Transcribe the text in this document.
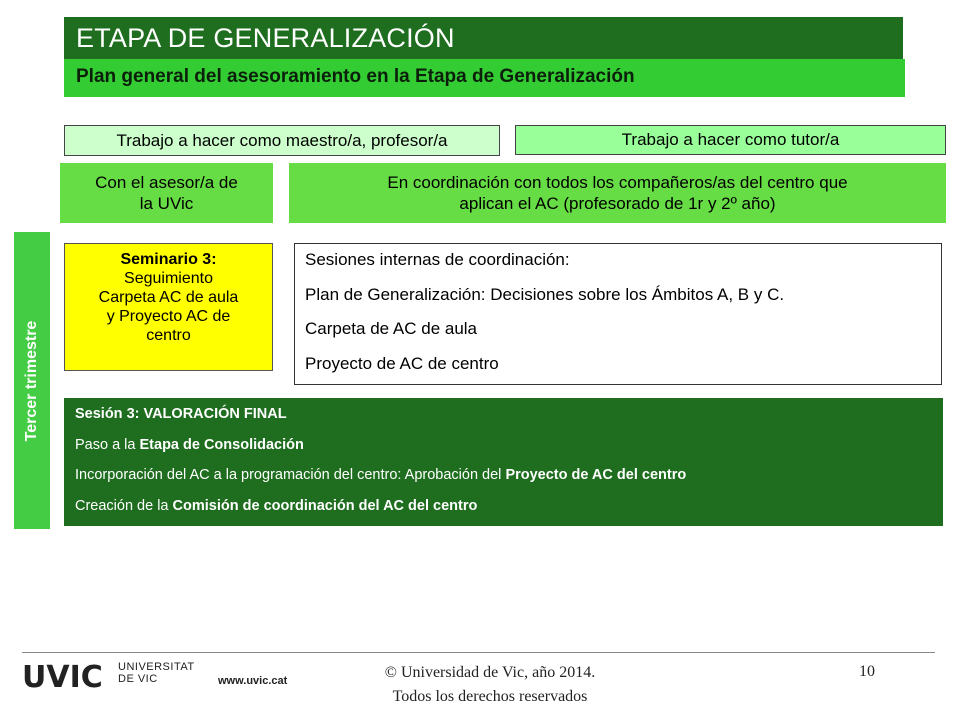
ETAPA DE GENERALIZACIÓN
Plan general del asesoramiento en la Etapa de Generalización
Trabajo a hacer como maestro/a, profesor/a	Trabajo a hacer como tutor/a
Con el asesor/a de
la UVic
En coordinación con todos los compañeros/as del centro que
aplican el AC (profesorado de 1r y 2º año)
Tercer trimestre
Seminario 3:
Seguimiento
Carpeta AC de aula
y Proyecto AC de
centro
Sesiones internas de coordinación:
Plan de Generalización: Decisiones sobre los Ámbitos A, B y C.
Carpeta de AC de aula
Proyecto de AC de centro
Sesión 3: VALORACIÓN FINAL
Paso a la Etapa de Consolidación
Incorporación del AC a la programación del centro: Aprobación del Proyecto de AC del centro
Creación de la Comisión de coordinación del AC del centro
UVIC UNIVERSITAT
DE VIC	www.uvic.cat	© Universidad de Vic, año 2014.
Todos los derechos reservados
10
